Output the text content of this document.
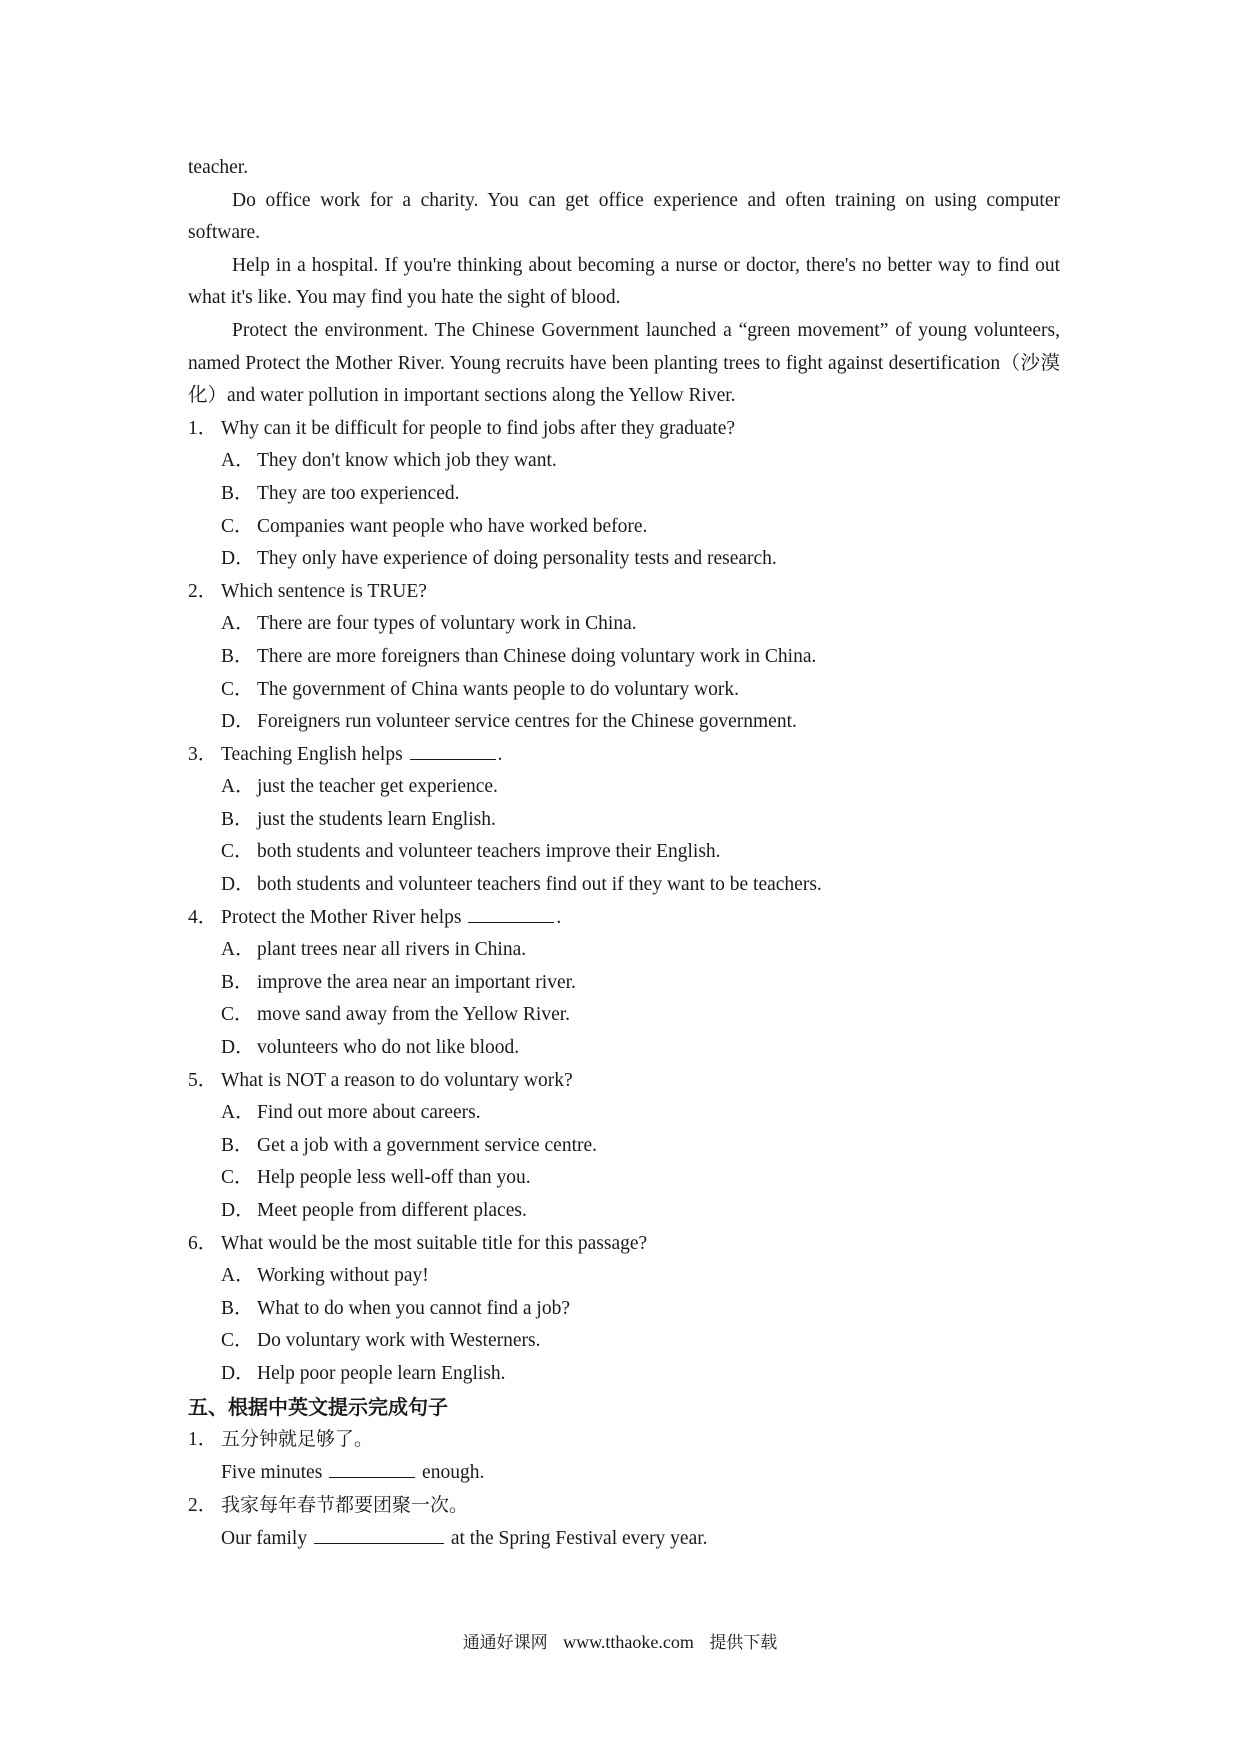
teacher.

Do office work for a charity. You can get office experience and often training on using computer software.

Help in a hospital. If you're thinking about becoming a nurse or doctor, there's no better way to find out what it's like. You may find you hate the sight of blood.

Protect the environment. The Chinese Government launched a “green movement” of young volunteers, named Protect the Mother River. Young recruits have been planting trees to fight against desertification（沙漠化）and water pollution in important sections along the Yellow River.

1． Why can it be difficult for people to find jobs after they graduate?

A． They don't know which job they want.

B． They are too experienced.

C． Companies want people who have worked before.

D． They only have experience of doing personality tests and research.

2． Which sentence is TRUE?

A． There are four types of voluntary work in China.

B． There are more foreigners than Chinese doing voluntary work in China.

C． The government of China wants people to do voluntary work.

D． Foreigners run volunteer service centres for the Chinese government.

3． Teaching English helps	.

A． just the teacher get experience.

B． just the students learn English.

C． both students and volunteer teachers improve their English.

D． both students and volunteer teachers find out if they want to be teachers.

4． Protect the Mother River helps	.

A． plant trees near all rivers in China.

B． improve the area near an important river.

C． move sand away from the Yellow River.

D． volunteers who do not like blood.

5． What is NOT a reason to do voluntary work?

A． Find out more about careers.

B． Get a job with a government service centre.

C． Help people less well-off than you.

D． Meet people from different places.

6． What would be the most suitable title for this passage?

A． Working without pay!

B． What to do when you cannot find a job?

C． Do voluntary work with Westerners.

D． Help poor people learn English.

五、根据中英文提示完成句子

1． 五分钟就足够了。

Five minutes	enough.

2． 我家每年春节都要团聚一次。

Our family	at the Spring Festival every year.

通通好课网 www.tthaoke.com 提供下载
